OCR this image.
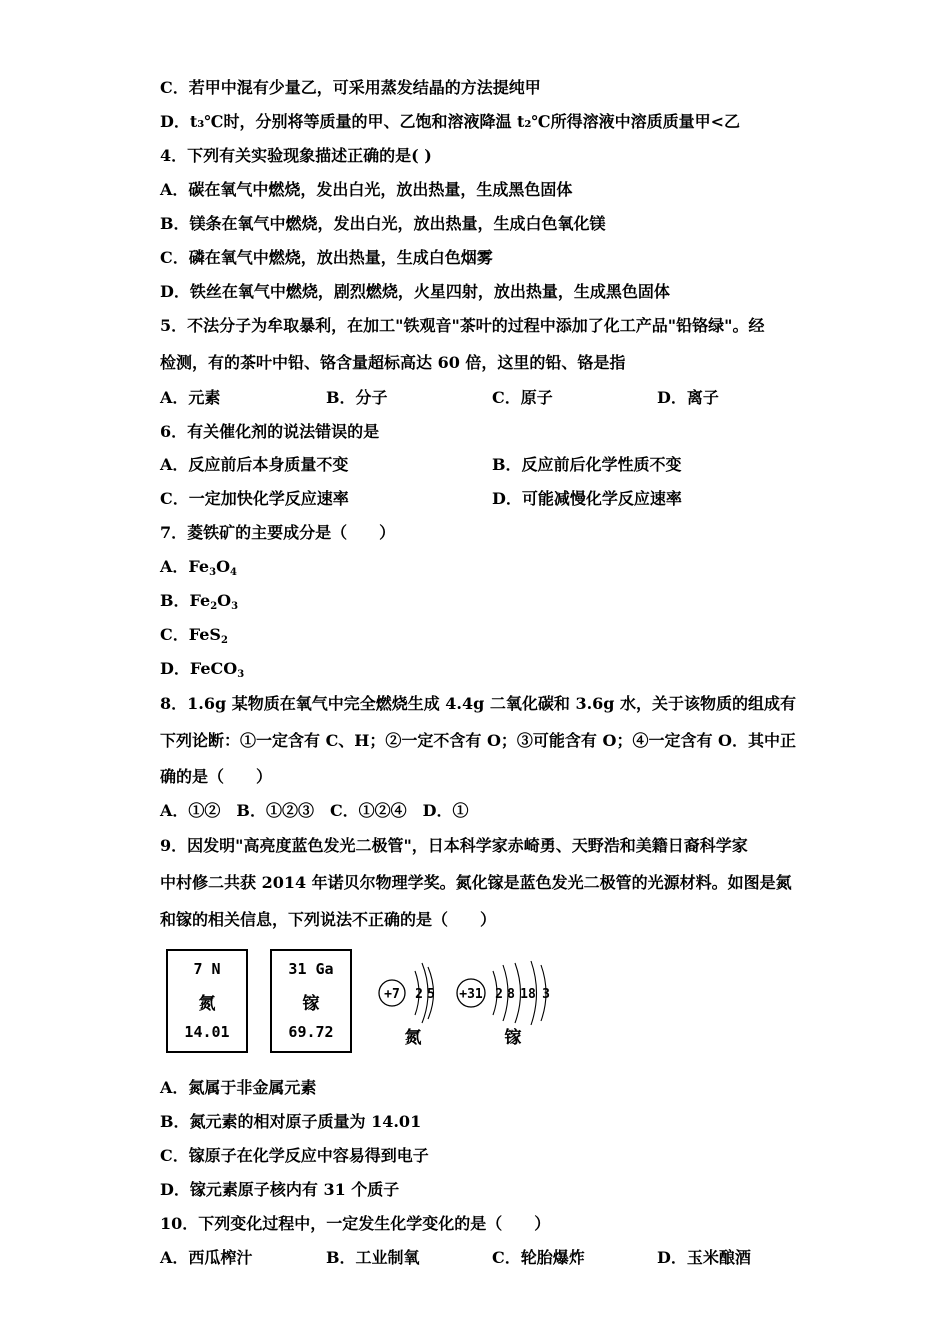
C．若甲中混有少量乙，可采用蒸发结晶的方法提纯甲
D．t₃℃时，分别将等质量的甲、乙饱和溶液降温 t₂℃所得溶液中溶质质量甲<乙
4．下列有关实验现象描述正确的是( )
A．碳在氧气中燃烧，发出白光，放出热量，生成黑色固体
B．镁条在氧气中燃烧，发出白光，放出热量，生成白色氧化镁
C．磷在氧气中燃烧，放出热量，生成白色烟雾
D．铁丝在氧气中燃烧，剧烈燃烧，火星四射，放出热量，生成黑色固体
5．不法分子为牟取暴利，在加工"铁观音"茶叶的过程中添加了化工产品"铅铬绿"。经
检测，有的茶叶中铅、铬含量超标高达 60 倍，这里的铅、铬是指
A．元素	B．分子	C．原子	D．离子
6．有关催化剂的说法错误的是
A．反应前后本身质量不变	B．反应前后化学性质不变
C．一定加快化学反应速率	D．可能减慢化学反应速率
7．菱铁矿的主要成分是（　　）
A．$Fe_3O_4$
B．$Fe_2O_3$
C．FeS$_2$
D．FeCO$_3$
8．1.6g 某物质在氧气中完全燃烧生成 4.4g 二氧化碳和 3.6g 水，关于该物质的组成有
下列论断：①一定含有 C、H；②一定不含有 O；③可能含有 O；④一定含有 O．其中正
确的是（　　）
A．①②　B．①②③　C．①②④　D．①
9．因发明"高亮度蓝色发光二极管"，日本科学家赤崎勇、天野浩和美籍日裔科学家
中村修二共获 2014 年诺贝尔物理学奖。氮化镓是蓝色发光二极管的光源材料。如图是氮
和镓的相关信息，下列说法不正确的是（　　）
7 N
氮
14.01
31 Ga
镓
69.72
+7 2 5
氮
+31 2 8 18 3
镓
A．氮属于非金属元素
B．氮元素的相对原子质量为 14.01
C．镓原子在化学反应中容易得到电子
D．镓元素原子核内有 31 个质子
10．下列变化过程中，一定发生化学变化的是（　　）
A．西瓜榨汁	B．工业制氧	C．轮胎爆炸	D．玉米酿酒
